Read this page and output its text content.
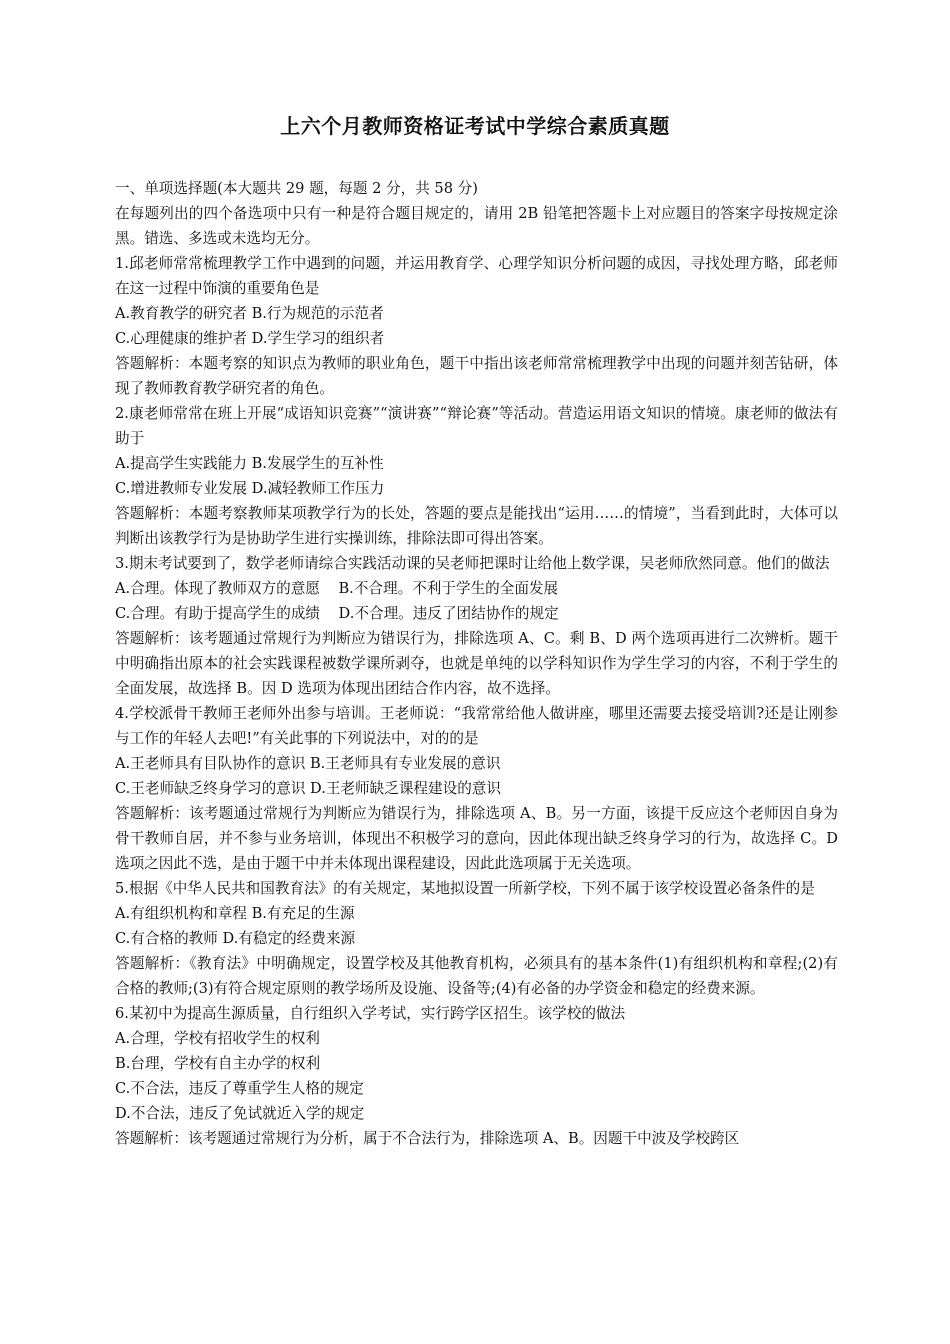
上六个月教师资格证考试中学综合素质真题

一、单项选择题(本大题共 29 题，每题 2 分，共 58 分)

在每题列出的四个备选项中只有一种是符合题目规定的，请用 2B 铅笔把答题卡上对应题目的答案字母按规定涂黑。错选、多选或未选均无分。

1.邱老师常常梳理教学工作中遇到的问题，并运用教育学、心理学知识分析问题的成因，寻找处理方略，邱老师在这一过程中饰演的重要角色是

A.教育教学的研究者 B.行为规范的示范者

C.心理健康的维护者 D.学生学习的组织者

答题解析：本题考察的知识点为教师的职业角色，题干中指出该老师常常梳理教学中出现的问题并刻苦钻研，体现了教师教育教学研究者的角色。

2.康老师常常在班上开展“成语知识竞赛”“演讲赛”“辩论赛”等活动。营造运用语文知识的情境。康老师的做法有助于

A.提高学生实践能力 B.发展学生的互补性

C.增进教师专业发展 D.减轻教师工作压力

答题解析：本题考察教师某项教学行为的长处，答题的要点是能找出“运用……的情境”，当看到此时，大体可以判断出该教学行为是协助学生进行实操训练，排除法即可得出答案。

3.期末考试要到了，数学老师请综合实践活动课的吴老师把课时让给他上数学课，吴老师欣然同意。他们的做法

A.合理。体现了教师双方的意愿    B.不合理。不利于学生的全面发展

C.合理。有助于提高学生的成绩    D.不合理。违反了团结协作的规定

答题解析：该考题通过常规行为判断应为错误行为，排除选项 A、C。剩 B、D 两个选项再进行二次辨析。题干中明确指出原本的社会实践课程被数学课所剥夺，也就是单纯的以学科知识作为学生学习的内容，不利于学生的全面发展，故选择 B。因 D 选项为体现出团结合作内容，故不选择。

4.学校派骨干教师王老师外出参与培训。王老师说：“我常常给他人做讲座，哪里还需要去接受培训?还是让刚参与工作的年轻人去吧!”有关此事的下列说法中，对的的是

A.王老师具有目队协作的意识 B.王老师具有专业发展的意识

C.王老师缺乏终身学习的意识 D.王老师缺乏课程建设的意识

答题解析：该考题通过常规行为判断应为错误行为，排除选项 A、B。另一方面，该提干反应这个老师因自身为骨干教师自居，并不参与业务培训，体现出不积极学习的意向，因此体现出缺乏终身学习的行为，故选择 C。D 选项之因此不选，是由于题干中并未体现出课程建设，因此此选项属于无关选项。

5.根据《中华人民共和国教育法》的有关规定，某地拟设置一所新学校，下列不属于该学校设置必备条件的是

A.有组织机构和章程 B.有充足的生源

C.有合格的教师 D.有稳定的经费来源

答题解析：《教育法》中明确规定，设置学校及其他教育机构，必须具有的基本条件(1)有组织机构和章程;(2)有合格的教师;(3)有符合规定原则的教学场所及设施、设备等;(4)有必备的办学资金和稳定的经费来源。

6.某初中为提高生源质量，自行组织入学考试，实行跨学区招生。该学校的做法

A.合理，学校有招收学生的权利

B.台理，学校有自主办学的权利

C.不合法，违反了尊重学生人格的规定

D.不合法，违反了免试就近入学的规定

答题解析：该考题通过常规行为分析，属于不合法行为，排除选项 A、B。因题干中波及学校跨区
